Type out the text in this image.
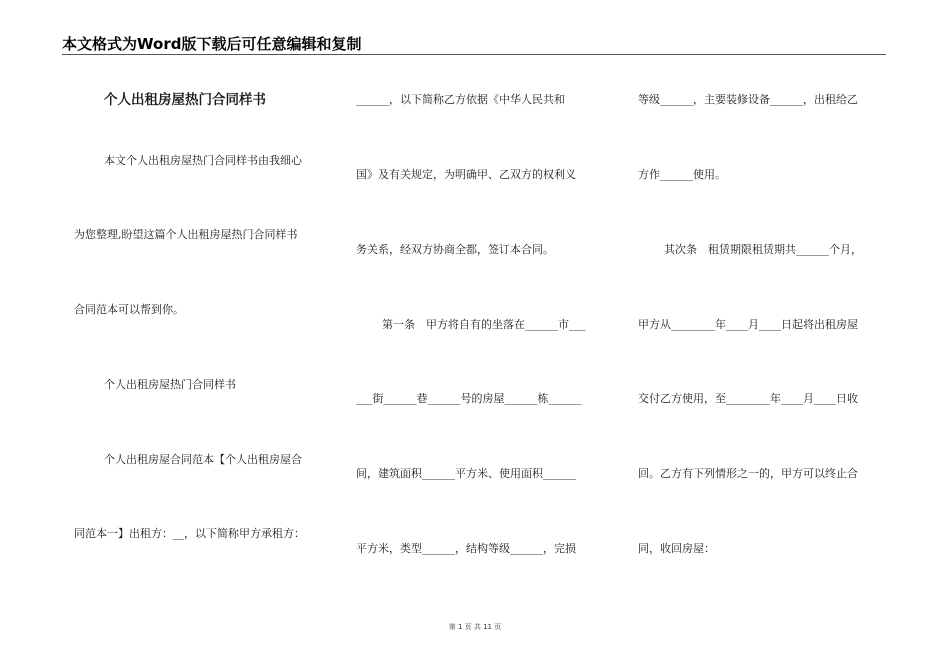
本文格式为Word版下载后可任意编辑和复制
个人出租房屋热门合同样书
本文个人出租房屋热门合同样书由我细心
为您整理,盼望这篇个人出租房屋热门合同样书
合同范本可以帮到你。
个人出租房屋热门合同样书
个人出租房屋合同范本【个人出租房屋合
同范本一】出租方：__，以下简称甲方承租方：
______，以下简称乙方依据《中华人民共和
国》及有关规定，为明确甲、乙双方的权利义
务关系，经双方协商全都，签订本合同。
第一条　甲方将自有的坐落在______市___
___街______巷______号的房屋______栋______
间，建筑面积______平方米、使用面积______
平方米，类型______，结构等级______，完损
等级______，主要装修设备______，出租给乙
方作______使用。
其次条　租赁期限租赁期共______个月，
甲方从________年____月____日起将出租房屋
交付乙方使用，至________年____月____日收
回。乙方有下列情形之一的，甲方可以终止合
同，收回房屋：
第 1 页 共 11 页
